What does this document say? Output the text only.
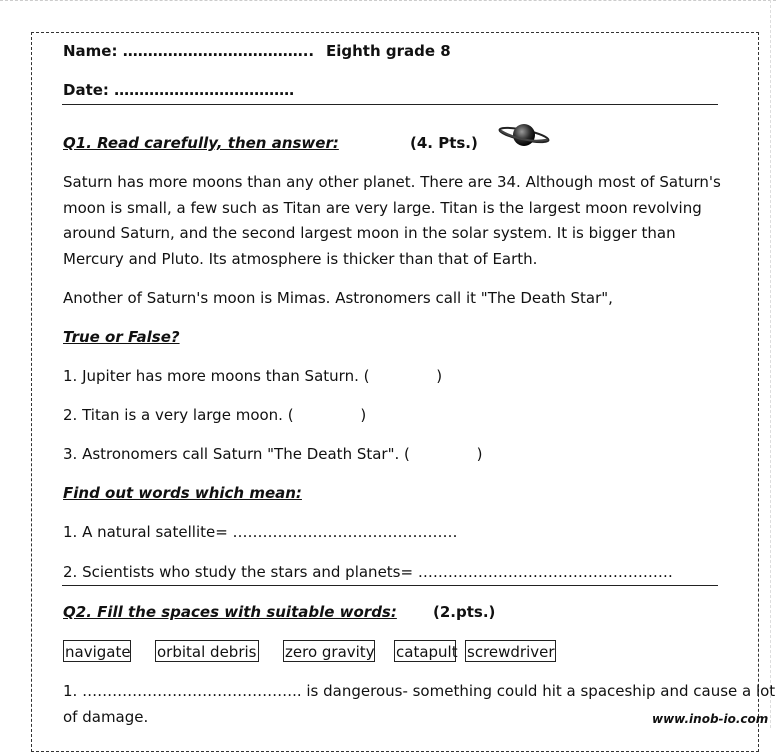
Name: ……………………………….. Eighth grade 8
Date: ………………………………
Q1. Read carefully, then answer:	(4. Pts.)

Saturn has more moons than any other planet. There are 34. Although most of Saturn's moon is small, a few such as Titan are very large. Titan is the largest moon revolving around Saturn, and the second largest moon in the solar system. It is bigger than Mercury and Pluto. Its atmosphere is thicker than that of Earth.

Another of Saturn's moon is Mimas. Astronomers call it "The Death Star",
True or False?
1. Jupiter has more moons than Saturn. (              )
2. Titan is a very large moon. (              )
3. Astronomers call Saturn "The Death Star". (              )
Find out words which mean:
1. A natural satellite= ………………………………………
2. Scientists who study the stars and planets= ……………………………………………
Q2. Fill the spaces with suitable words: (2.pts.)
navigate orbital debris zero gravity catapult screwdriver
1. …………………………………….. is dangerous- something could hit a spaceship and cause a lot
of damage.	www.inob-io.com
